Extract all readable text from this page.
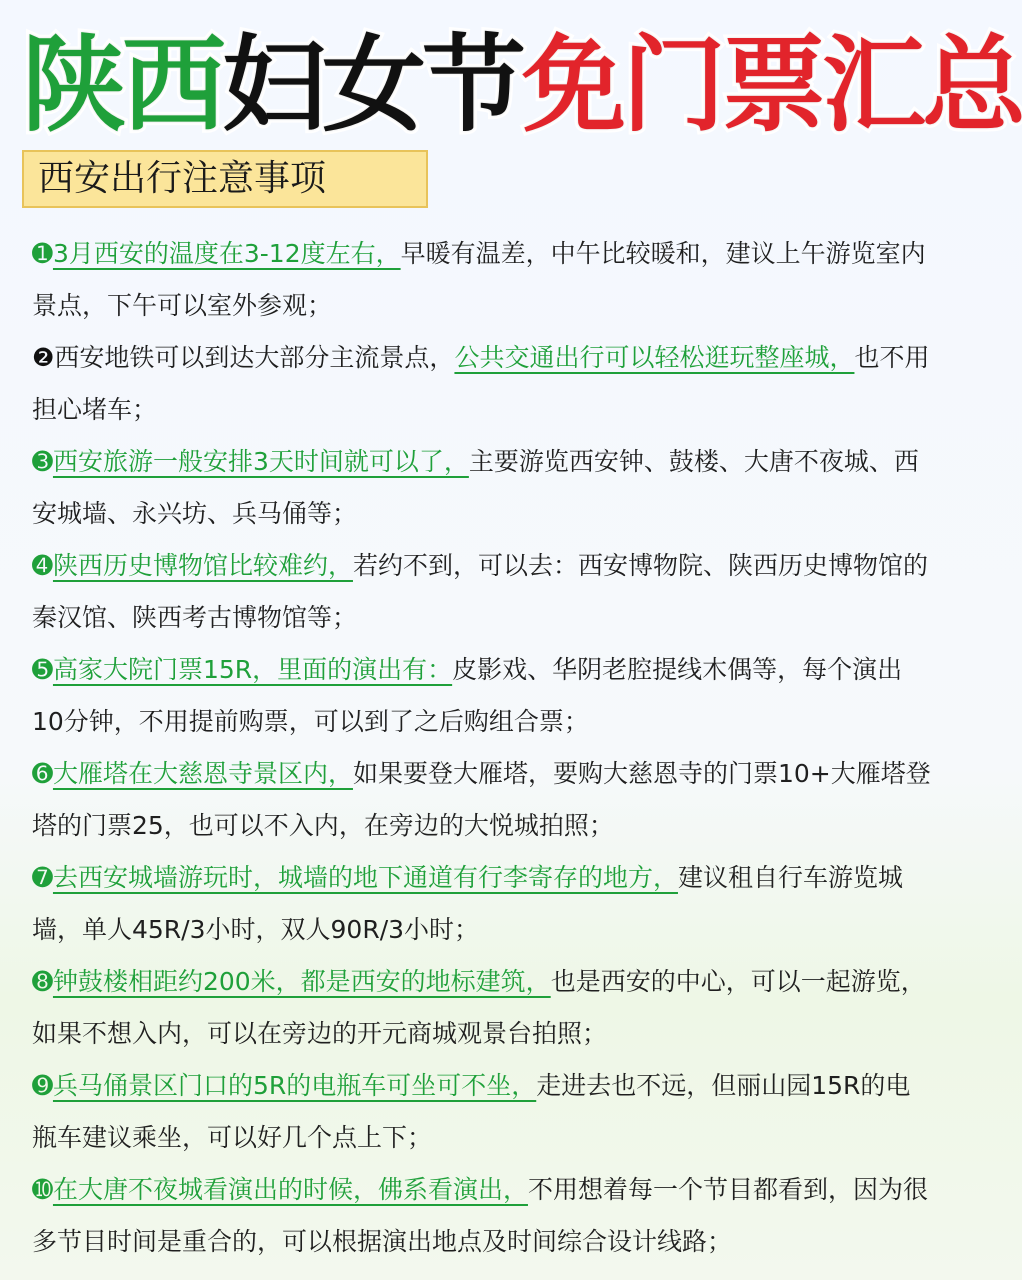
陕西妇女节免门票汇总
西安出行注意事项

➊3月西安的温度在3-12度左右，早暖有温差，中午比较暖和，建议上午游览室内景点，下午可以室外参观；

❷西安地铁可以到达大部分主流景点，公共交通出行可以轻松逛玩整座城，也不用担心堵车；

➌西安旅游一般安排3天时间就可以了，主要游览西安钟、鼓楼、大唐不夜城、西安城墙、永兴坊、兵马俑等；

➍陕西历史博物馆比较难约，若约不到，可以去：西安博物院、陕西历史博物馆的秦汉馆、陕西考古博物馆等；

➎高家大院门票15R，里面的演出有：皮影戏、华阴老腔提线木偶等，每个演出10分钟，不用提前购票，可以到了之后购组合票；

➏大雁塔在大慈恩寺景区内，如果要登大雁塔，要购大慈恩寺的门票10+大雁塔登塔的门票25，也可以不入内，在旁边的大悦城拍照；

➐去西安城墙游玩时，城墙的地下通道有行李寄存的地方，建议租自行车游览城墙，单人45R/3小时，双人90R/3小时；

➑钟鼓楼相距约200米，都是西安的地标建筑，也是西安的中心，可以一起游览，如果不想入内，可以在旁边的开元商城观景台拍照；

➒兵马俑景区门口的5R的电瓶车可坐可不坐，走进去也不远，但丽山园15R的电瓶车建议乘坐，可以好几个点上下；

➓在大唐不夜城看演出的时候，佛系看演出，不用想着每一个节目都看到，因为很多节目时间是重合的，可以根据演出地点及时间综合设计线路；
